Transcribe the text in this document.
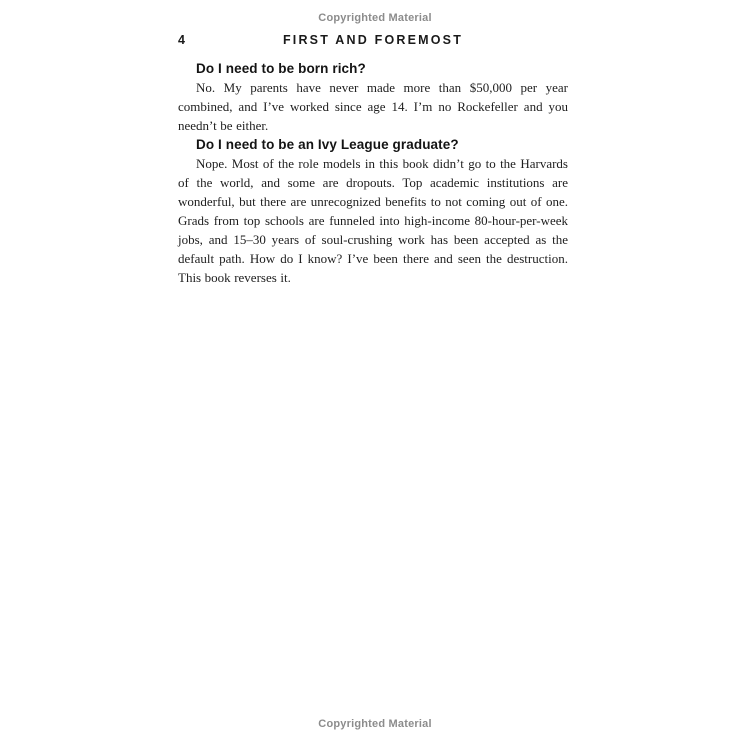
Copyrighted Material
4	FIRST AND FOREMOST
Do I need to be born rich?

No. My parents have never made more than $50,000 per year combined, and I’ve worked since age 14. I’m no Rockefeller and you needn’t be either.

Do I need to be an Ivy League graduate?

Nope. Most of the role models in this book didn’t go to the Harvards of the world, and some are dropouts. Top academic institutions are wonderful, but there are unrecognized benefits to not coming out of one. Grads from top schools are funneled into high-income 80-hour-per-week jobs, and 15–30 years of soul-crushing work has been accepted as the default path. How do I know? I’ve been there and seen the destruction. This book reverses it.

Copyrighted Material
